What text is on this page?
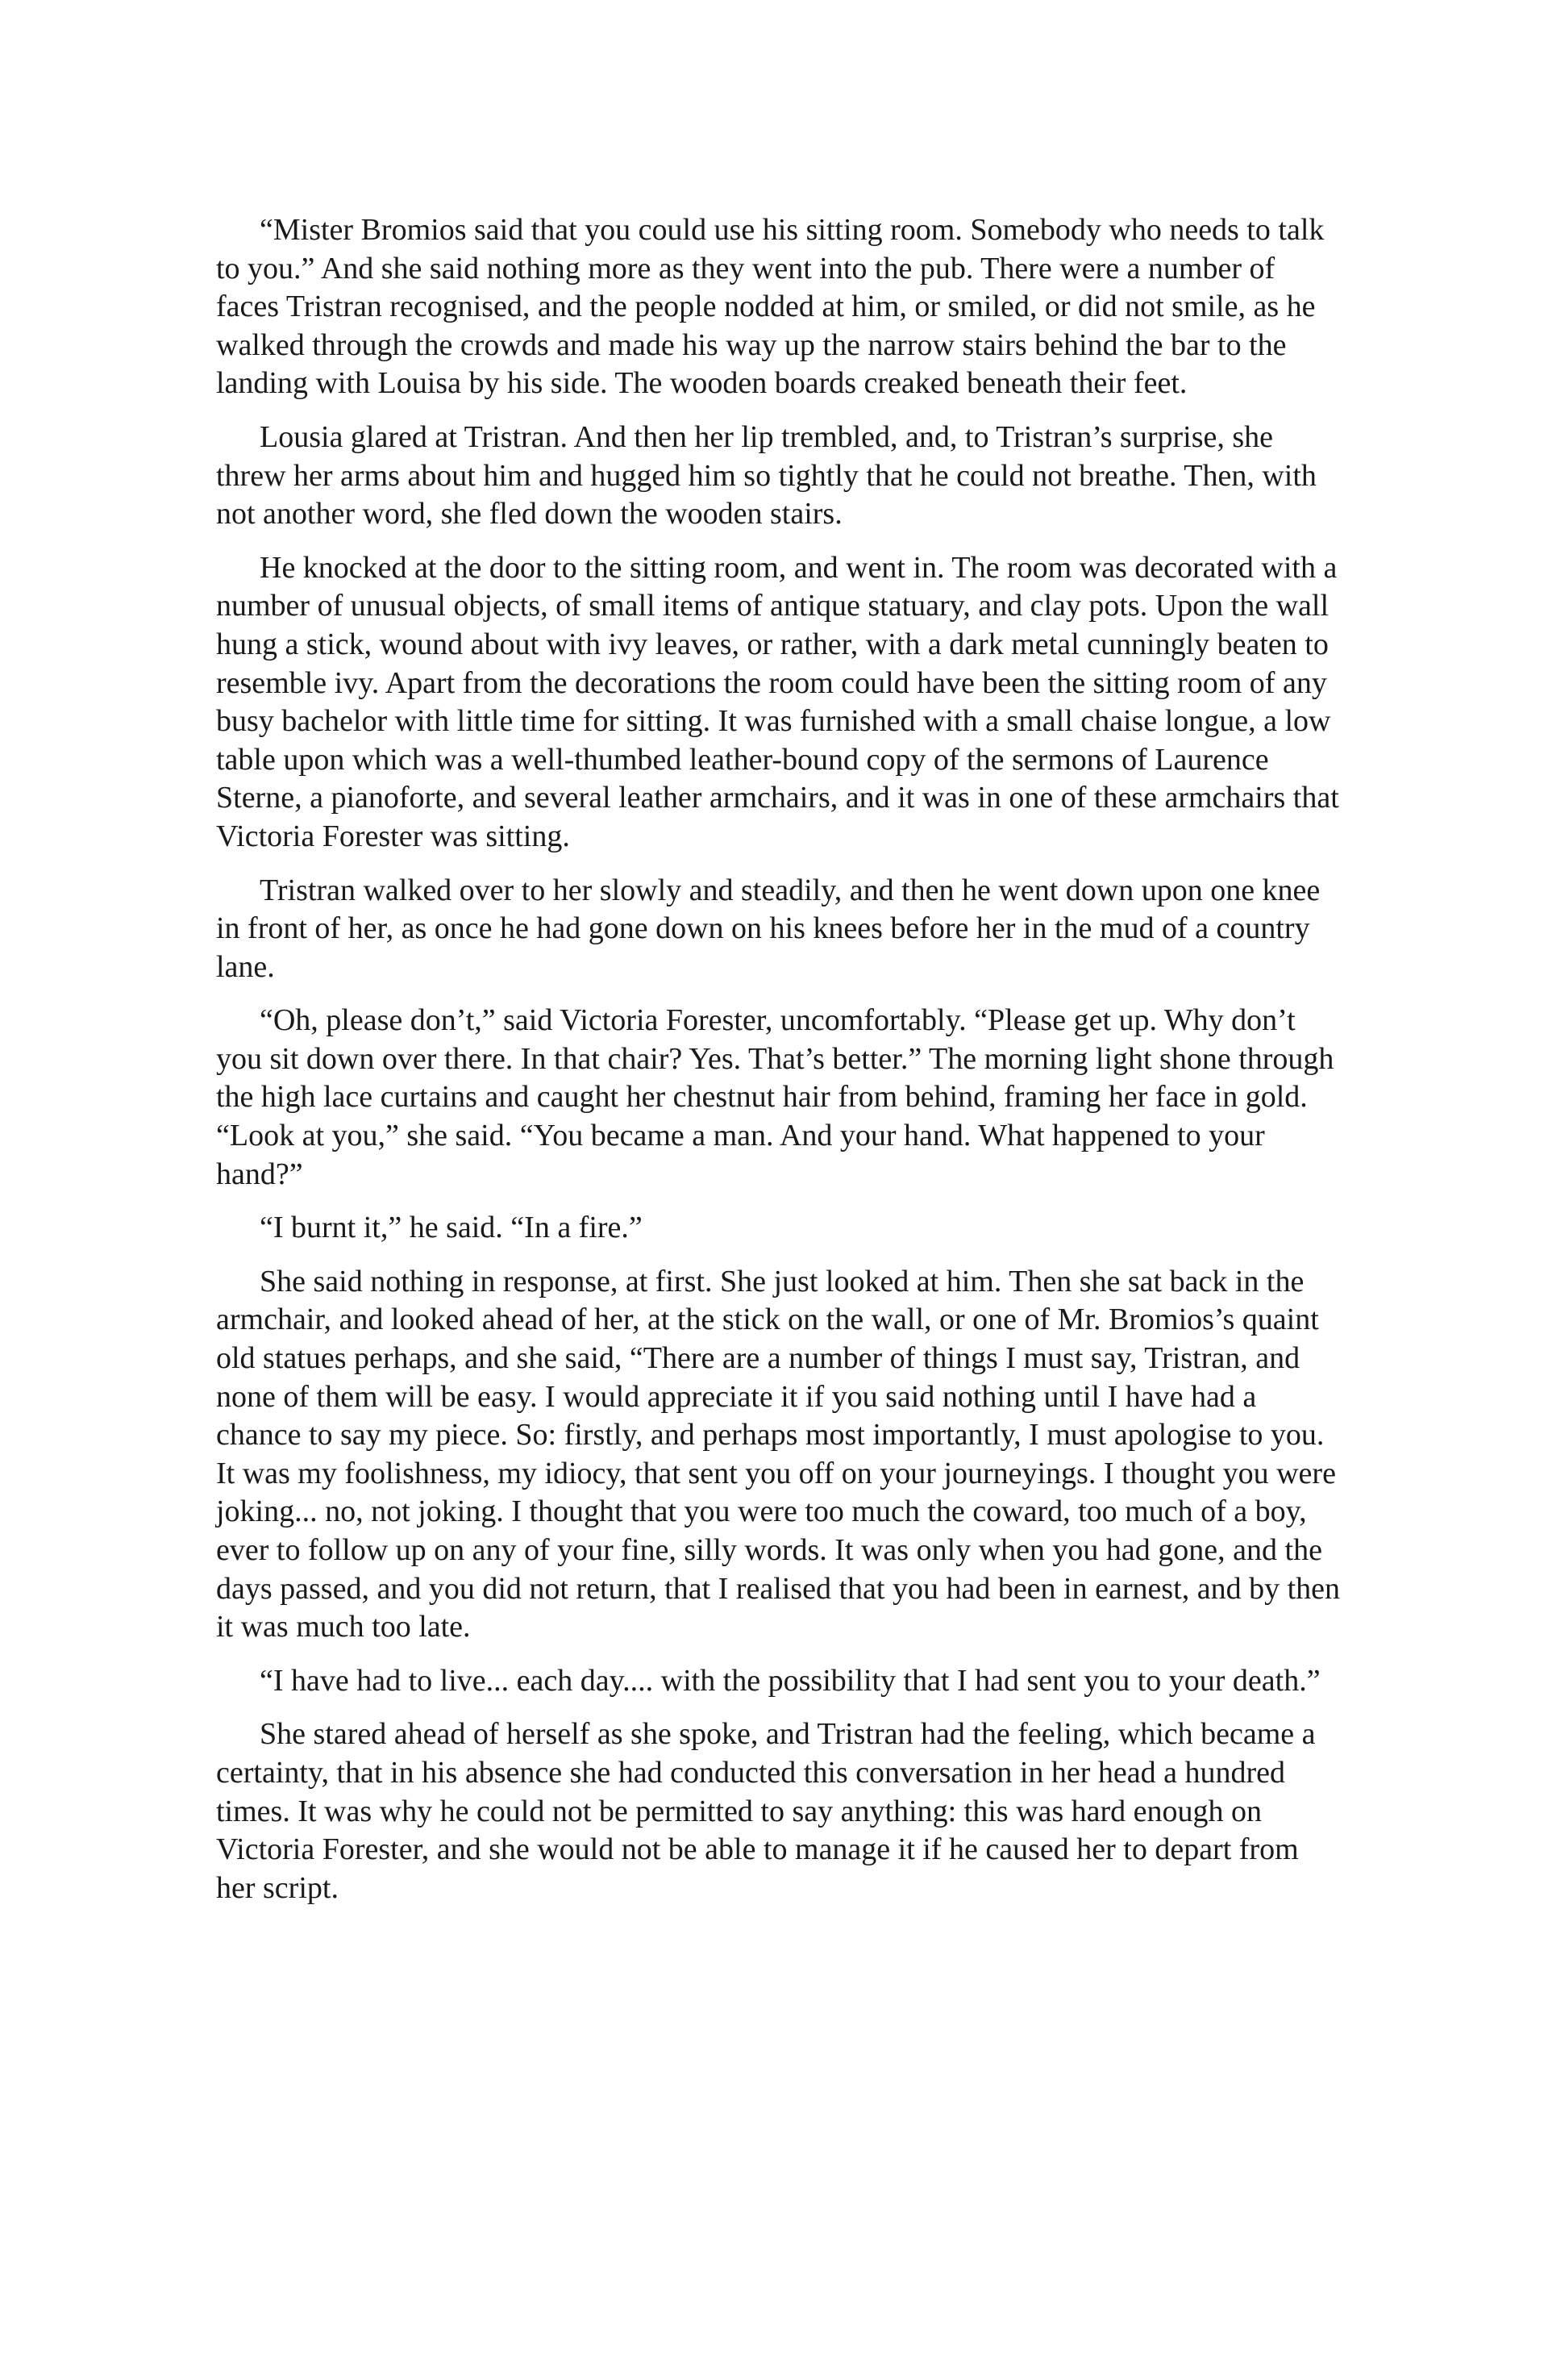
“Mister Bromios said that you could use his sitting room. Somebody who needs to talk to you.” And she said nothing more as they went into the pub. There were a number of faces Tristran recognised, and the people nodded at him, or smiled, or did not smile, as he walked through the crowds and made his way up the narrow stairs behind the bar to the landing with Louisa by his side. The wooden boards creaked beneath their feet.

Lousia glared at Tristran. And then her lip trembled, and, to Tristran’s surprise, she threw her arms about him and hugged him so tightly that he could not breathe. Then, with not another word, she fled down the wooden stairs.

He knocked at the door to the sitting room, and went in. The room was decorated with a number of unusual objects, of small items of antique statuary, and clay pots. Upon the wall hung a stick, wound about with ivy leaves, or rather, with a dark metal cunningly beaten to resemble ivy. Apart from the decorations the room could have been the sitting room of any busy bachelor with little time for sitting. It was furnished with a small chaise longue, a low table upon which was a well-thumbed leather-bound copy of the sermons of Laurence Sterne, a pianoforte, and several leather armchairs, and it was in one of these armchairs that Victoria Forester was sitting.

Tristran walked over to her slowly and steadily, and then he went down upon one knee in front of her, as once he had gone down on his knees before her in the mud of a country lane.

“Oh, please don’t,” said Victoria Forester, uncomfortably. “Please get up. Why don’t you sit down over there. In that chair? Yes. That’s better.” The morning light shone through the high lace curtains and caught her chestnut hair from behind, framing her face in gold. “Look at you,” she said. “You became a man. And your hand. What happened to your hand?”

“I burnt it,” he said. “In a fire.”

She said nothing in response, at first. She just looked at him. Then she sat back in the armchair, and looked ahead of her, at the stick on the wall, or one of Mr. Bromios’s quaint old statues perhaps, and she said, “There are a number of things I must say, Tristran, and none of them will be easy. I would appreciate it if you said nothing until I have had a chance to say my piece. So: firstly, and perhaps most importantly, I must apologise to you. It was my foolishness, my idiocy, that sent you off on your journeyings. I thought you were joking... no, not joking. I thought that you were too much the coward, too much of a boy, ever to follow up on any of your fine, silly words. It was only when you had gone, and the days passed, and you did not return, that I realised that you had been in earnest, and by then it was much too late.

“I have had to live... each day.... with the possibility that I had sent you to your death.”

She stared ahead of herself as she spoke, and Tristran had the feeling, which became a certainty, that in his absence she had conducted this conversation in her head a hundred times. It was why he could not be permitted to say anything: this was hard enough on Victoria Forester, and she would not be able to manage it if he caused her to depart from her script.
